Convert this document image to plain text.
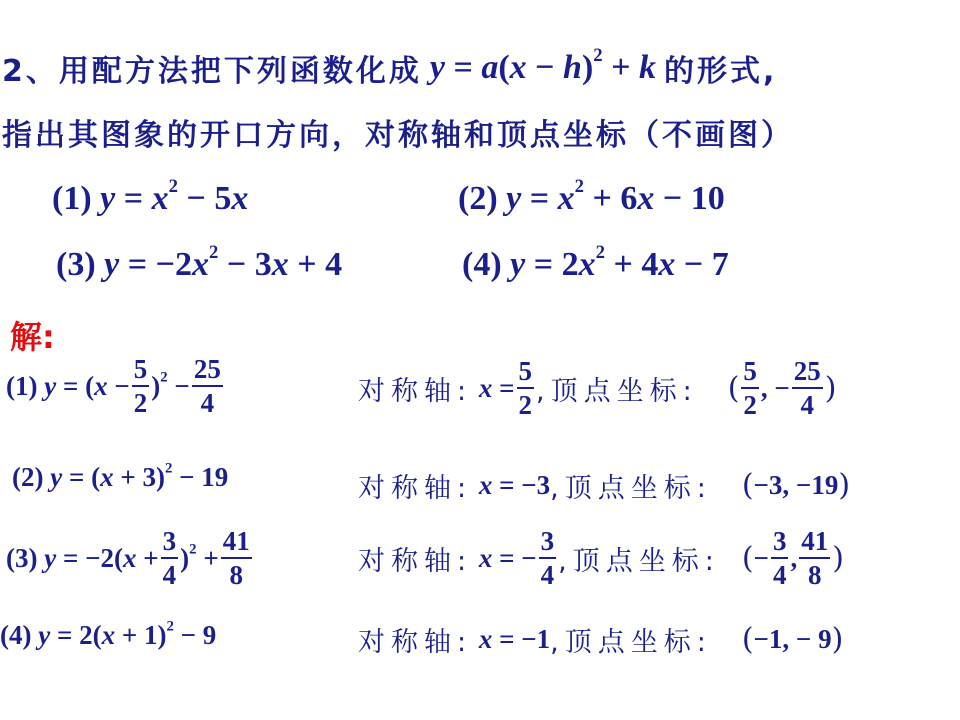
2、用配方法把下列函数化成 $y = a(x - h)^2 + k$ 的形式,
指出其图象的开口方向，对称轴和顶点坐标（不画图）
(1) $y = x^2 - 5x$	(2) $y = x^2 + 6x - 10$
(3) $y = -2x^2 - 3x + 4$	(4) $y = 2x^2 + 4x - 7$
解:
(1) $y = (x - \frac{5}{2} )^2 - \frac{25}{4}$	对称轴: $x = \frac{5}{2}$ ,顶点坐标: ( $\frac{5}{2}$ , − $\frac{25}{4}$ )
(2) $y = (x + 3)^2 - 19$	对称轴: x = −3 ,顶点坐标: ( −3, −19 )
(3) $y = -2(x + \frac{3}{4} )^2 + \frac{41}{8}$	对称轴: x = − $\frac{3}{4}$ ,顶点坐标: ( − $\frac{3}{4}$ , $\frac{41}{8}$ )
(4) $y = 2(x + 1)^2 - 9$	对称轴: x = −1 ,顶点坐标: ( −1, − 9 )
